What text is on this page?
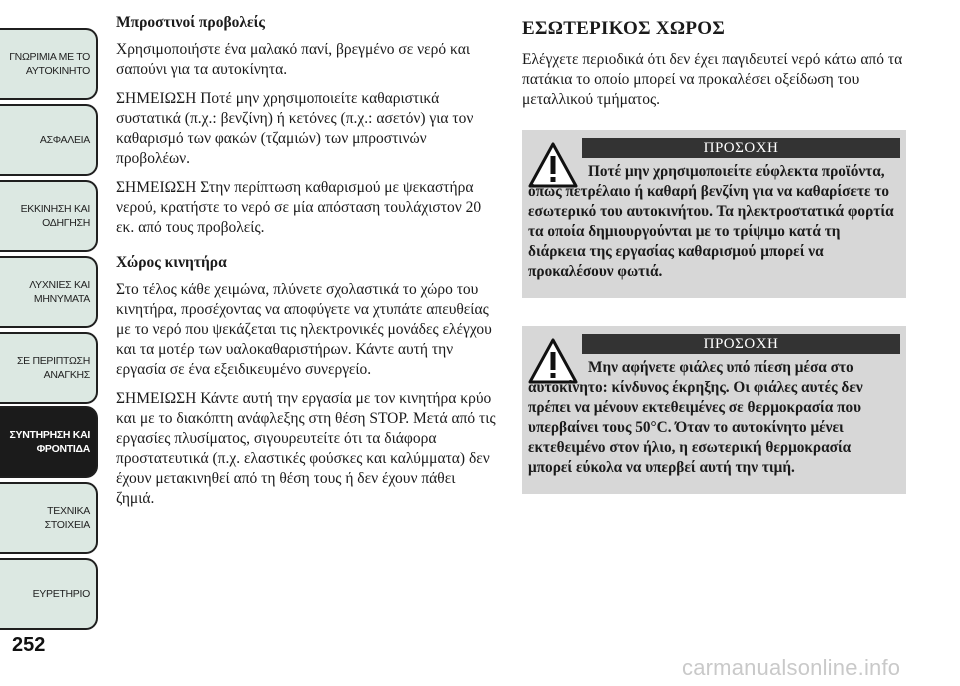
ΓΝΩΡΙΜΙΑ ΜΕ ΤΟ
ΑΥΤΟΚΙΝΗΤΟ
ΑΣΦΑΛΕΙΑ
ΕΚΚΙΝΗΣΗ ΚΑΙ
ΟΔΗΓΗΣΗ
ΛΥΧΝΙΕΣ ΚΑΙ
ΜΗΝΥΜΑΤΑ
ΣΕ ΠΕΡΙΠΤΩΣΗ
ΑΝΑΓΚΗΣ
ΣΥΝΤΗΡΗΣΗ ΚΑΙ
ΦΡΟΝΤΙΔΑ
ΤΕΧΝΙΚΑ ΣΤΟΙΧΕΙΑ
ΕΥΡΕΤΗΡΙΟ
252
Μπροστινοί προβολείς

Χρησιμοποιήστε ένα μαλακό πανί, βρεγμένο σε νερό και σαπούνι για τα αυτοκίνητα.

ΣΗΜΕΙΩΣΗ Ποτέ μην χρησιμοποιείτε καθαριστικά συστατικά (π.χ.: βενζίνη) ή κετόνες (π.χ.: ασετόν) για τον καθαρισμό των φακών (τζαμιών) των μπροστινών προβολέων.

ΣΗΜΕΙΩΣΗ Στην περίπτωση καθαρισμού με ψεκαστήρα νερού, κρατήστε το νερό σε μία απόσταση τουλάχιστον 20 εκ. από τους προβολείς.

Χώρος κινητήρα

Στο τέλος κάθε χειμώνα, πλύνετε σχολαστικά το χώρο του κινητήρα, προσέχοντας να αποφύγετε να χτυπάτε απευθείας με το νερό που ψεκάζεται τις ηλεκτρονικές μονάδες ελέγχου και τα μοτέρ των υαλοκαθαριστήρων. Κάντε αυτή την εργασία σε ένα εξειδικευμένο συνεργείο.

ΣΗΜΕΙΩΣΗ Κάντε αυτή την εργασία με τον κινητήρα κρύο και με το διακόπτη ανάφλεξης στη θέση STOP. Μετά από τις εργασίες πλυσίματος, σιγουρευτείτε ότι τα διάφορα προστατευτικά (π.χ. ελαστικές φούσκες και καλύμματα) δεν έχουν μετακινηθεί από τη θέση τους ή δεν έχουν πάθει ζημιά.

ΕΣΩΤΕΡΙΚΟΣ ΧΩΡΟΣ

Ελέγχετε περιοδικά ότι δεν έχει παγιδευτεί νερό κάτω από τα πατάκια το οποίο μπορεί να προκαλέσει οξείδωση του μεταλλικού τμήματος.

ΠΡΟΣΟΧΗ
Ποτέ μην χρησιμοποιείτε εύφλεκτα προϊόντα, όπως πετρέλαιο ή καθαρή βενζίνη για να καθαρίσετε το εσωτερικό του αυτοκινήτου. Τα ηλεκτροστατικά φορτία τα οποία δημιουργούνται με το τρίψιμο κατά τη διάρκεια της εργασίας καθαρισμού μπορεί να προκαλέσουν φωτιά.
ΠΡΟΣΟΧΗ
Μην αφήνετε φιάλες υπό πίεση μέσα στο αυτοκίνητο: κίνδυνος έκρηξης. Οι φιάλες αυτές δεν πρέπει να μένουν εκτεθειμένες σε θερμοκρασία που υπερβαίνει τους 50°C. Όταν το αυτοκίνητο μένει εκτεθειμένο στον ήλιο, η εσωτερική θερμοκρασία μπορεί εύκολα να υπερβεί αυτή την τιμή.
carmanualsonline.info
